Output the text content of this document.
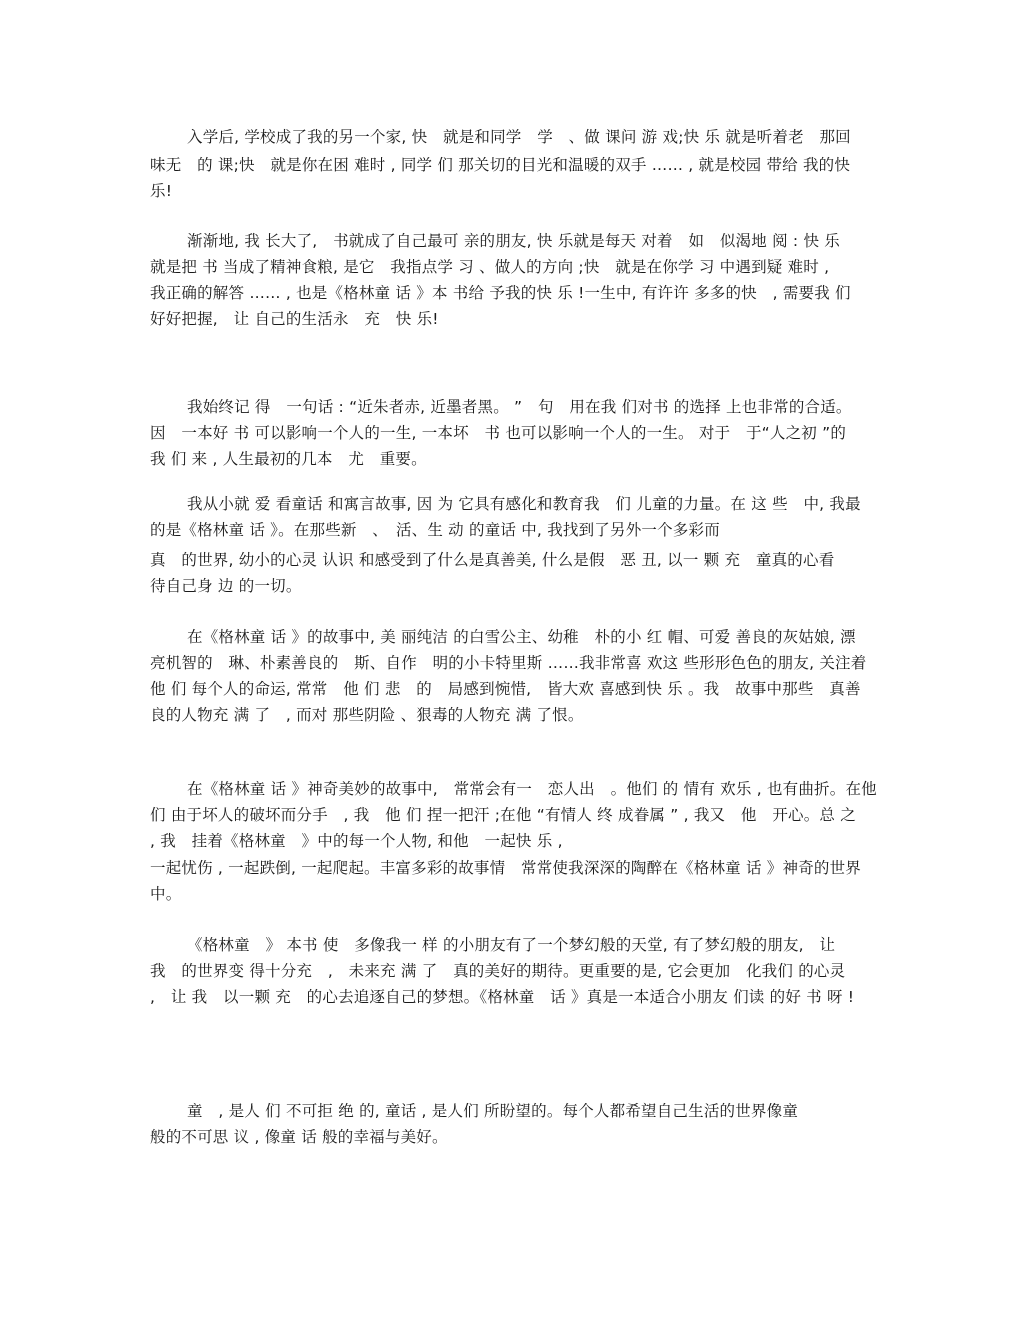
入学后, 学校成了我的另一个家, 快　就是和同学　学　、做 课问 游 戏;快 乐 就是听着老　那回
味无　的 课;快　就是你在困 难时 , 同学 们 那关切的目光和温暖的双手 …… , 就是校园 带给 我的快
乐!
渐渐地, 我 长大了,　书就成了自己最可 亲的朋友, 快 乐就是每天 对着　如　似渴地 阅 : 快 乐
就是把 书 当成了精神食粮, 是它　我指点学 习 、做人的方向 ;快　就是在你学 习 中遇到疑 难时 ,
我正确的解答 …… , 也是《格林童 话 》本 书给 予我的快 乐 !一生中, 有许许 多多的快　, 需要我 们
好好把握,　让 自己的生活永　充　快 乐!
我始终记 得　一句话 : “近朱者赤, 近墨者黑。 ”　句　用在我 们对书 的选择 上也非常的合适。
因　一本好 书 可以影响一个人的一生, 一本坏　书 也可以影响一个人的一生。 对于　于“人之初 ”的
我 们 来 , 人生最初的几本　尤　重要。
我从小就 爱 看童话 和寓言故事, 因 为 它具有感化和教育我　们 儿童的力量。在 这 些　中, 我最
的是《格林童 话 》。在那些新　、　活、生 动 的童话 中, 我找到了另外一个多彩而
真　的世界, 幼小的心灵 认识 和感受到了什么是真善美, 什么是假　恶 丑, 以一 颗 充　童真的心看
待自己身 边 的一切。
在《格林童 话 》的故事中, 美 丽纯洁 的白雪公主、幼稚　朴的小 红 帽、可爱 善良的灰姑娘, 漂
亮机智的　琳、朴素善良的　斯、自作　明的小卡特里斯 ……我非常喜 欢这 些形形色色的朋友, 关注着
他 们 每个人的命运, 常常　他 们 悲　的　局感到惋惜,　皆大欢 喜感到快 乐 。我　故事中那些　真善
良的人物充 满 了　, 而对 那些阴险 、狠毒的人物充 满 了恨。
在《格林童 话 》神奇美妙的故事中,　常常会有一　恋人出　。他们 的 情有 欢乐 , 也有曲折。在他
们 由于坏人的破坏而分手　, 我　他 们 捏一把汗 ;在他 “有情人 终 成眷属 ” , 我又　他　开心。总 之
, 我　挂着《格林童　》中的每一个人物, 和他　一起快 乐 ,
一起忧伤 , 一起跌倒, 一起爬起。丰富多彩的故事情　常常使我深深的陶醉在《格林童 话 》神奇的世界
中。
《格林童　》 本书 使　多像我一 样 的小朋友有了一个梦幻般的天堂, 有了梦幻般的朋友,　让
我　的世界变 得十分充　,　未来充 满 了　真的美好的期待。更重要的是, 它会更加　化我们 的心灵
,　让 我　以一颗 充　的心去追逐自己的梦想。《格林童　话 》真是一本适合小朋友 们读 的好 书 呀 !
童　, 是人 们 不可拒 绝 的, 童话 , 是人们 所盼望的。每个人都希望自己生活的世界像童
般的不可思 议 , 像童 话 般的幸福与美好。
